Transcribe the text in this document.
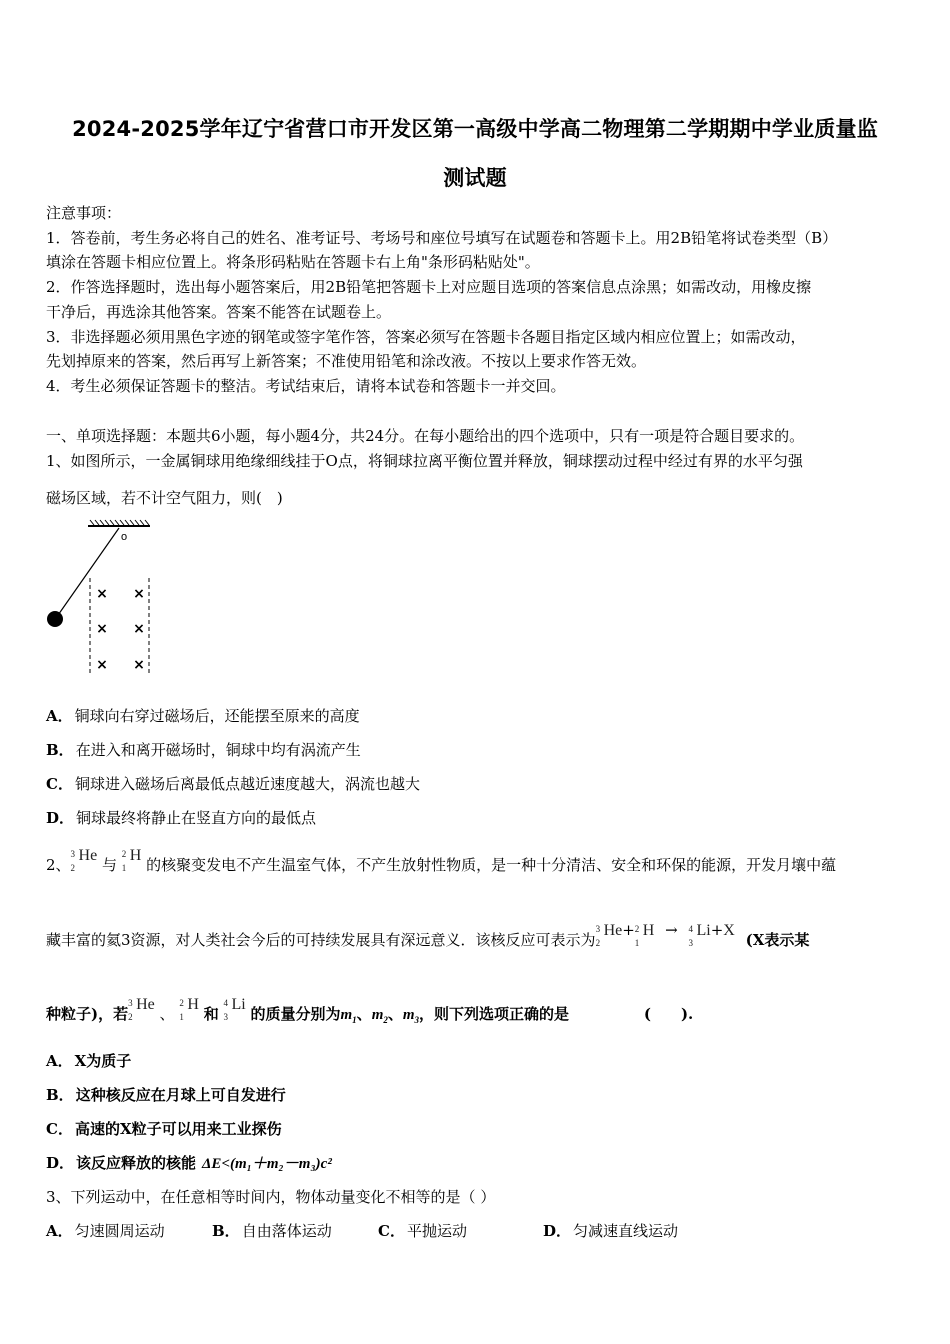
2024-2025学年辽宁省营口市开发区第一高级中学高二物理第二学期期中学业质量监
测试题
注意事项：
1．答卷前，考生务必将自己的姓名、准考证号、考场号和座位号填写在试题卷和答题卡上。用2B铅笔将试卷类型（B）
填涂在答题卡相应位置上。将条形码粘贴在答题卡右上角"条形码粘贴处"。
2．作答选择题时，选出每小题答案后，用2B铅笔把答题卡上对应题目选项的答案信息点涂黑；如需改动，用橡皮擦
干净后，再选涂其他答案。答案不能答在试题卷上。
3．非选择题必须用黑色字迹的钢笔或签字笔作答，答案必须写在答题卡各题目指定区域内相应位置上；如需改动，
先划掉原来的答案，然后再写上新答案；不准使用铅笔和涂改液。不按以上要求作答无效。
4．考生必须保证答题卡的整洁。考试结束后，请将本试卷和答题卡一并交回。
一、单项选择题：本题共6小题，每小题4分，共24分。在每小题给出的四个选项中，只有一项是符合题目要求的。
1、如图所示，一金属铜球用绝缘细线挂于O点，将铜球拉离平衡位置并释放，铜球摆动过程中经过有界的水平匀强
磁场区域，若不计空气阻力，则(　)
o
× ×
× ×
× ×
A． 铜球向右穿过磁场后，还能摆至原来的高度
B． 在进入和离开磁场时，铜球中均有涡流产生
C． 铜球进入磁场后离最低点越近速度越大，涡流也越大
D． 铜球最终将静止在竖直方向的最低点
2、
3
2
He 与
2
1
H 的核聚变发电不产生温室气体，不产生放射性物质，是一种十分清洁、安全和环保的能源，开发月壤中蕴
藏丰富的氦3资源，对人类社会今后的可持续发展具有深远意义．该核反应可表示为
3
2
He+ 2
1
H → 4
3
Li+X (X表示某
种粒子)，若
3
2
He 、
2
1
H 和
4
3
Li 的质量分别为$m_1$、$m_2$、$m_3$，则下列选项正确的是	(　　).
A． X为质子
B． 这种核反应在月球上可自发进行
C． 高速的X粒子可以用来工业探伤
D． 该反应释放的核能 ΔE<(m₁＋m₂－m₃)c²
3、下列运动中，在任意相等时间内，物体动量变化不相等的是（ ）
A． 匀速圆周运动	B． 自由落体运动	C． 平抛运动	D． 匀减速直线运动
